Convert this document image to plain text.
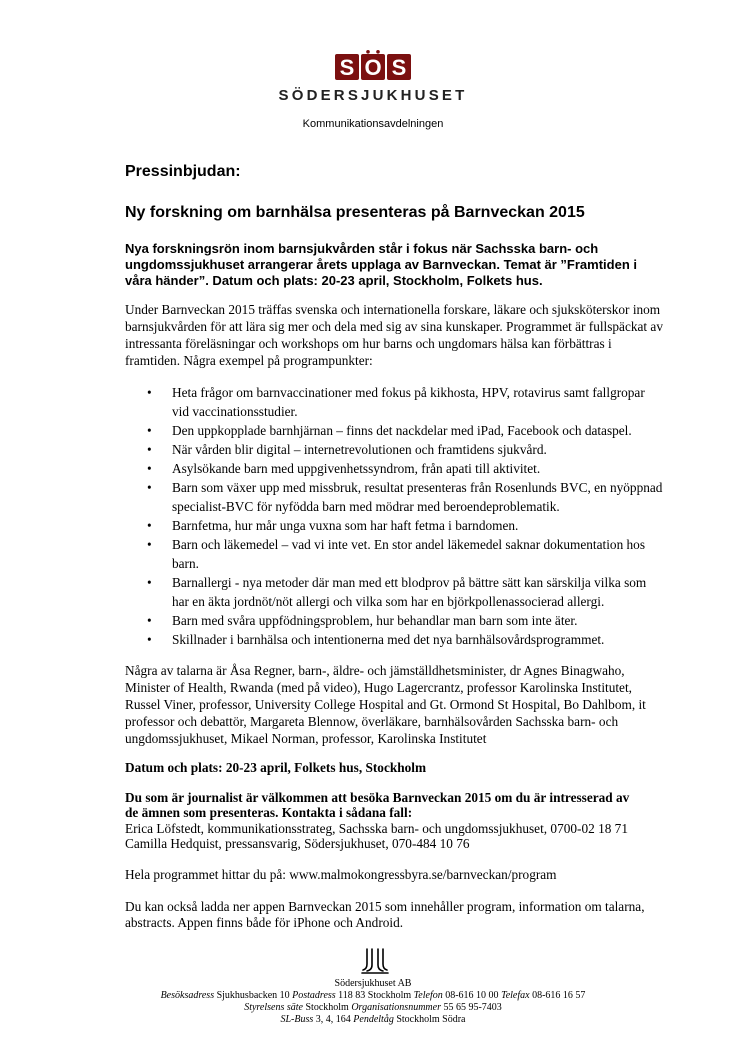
S O S
SÖDERSJUKHUSET
Kommunikationsavdelningen
Pressinbjudan:
Ny forskning om barnhälsa presenteras på Barnveckan 2015

Nya forskningsrön inom barnsjukvården står i fokus när Sachsska barn- och ungdomssjukhuset arrangerar årets upplaga av Barnveckan. Temat är ”Framtiden i våra händer”. Datum och plats: 20-23 april, Stockholm, Folkets hus.

Under Barnveckan 2015 träffas svenska och internationella forskare, läkare och sjuksköterskor inom barnsjukvården för att lära sig mer och dela med sig av sina kunskaper. Programmet är fullspäckat av intressanta föreläsningar och workshops om hur barns och ungdomars hälsa kan förbättras i framtiden. Några exempel på programpunkter:

• Heta frågor om barnvaccinationer med fokus på kikhosta, HPV, rotavirus samt fallgropar vid vaccinationsstudier.
• Den uppkopplade barnhjärnan – finns det nackdelar med iPad, Facebook och dataspel.
• När vården blir digital – internetrevolutionen och framtidens sjukvård.
• Asylsökande barn med uppgivenhetssyndrom, från apati till aktivitet.
• Barn som växer upp med missbruk, resultat presenteras från Rosenlunds BVC, en nyöppnad specialist-BVC för nyfödda barn med mödrar med beroendeproblematik.
• Barnfetma, hur mår unga vuxna som har haft fetma i barndomen.
• Barn och läkemedel – vad vi inte vet. En stor andel läkemedel saknar dokumentation hos barn.
• Barnallergi - nya metoder där man med ett blodprov på bättre sätt kan särskilja vilka som har en äkta jordnöt/nöt allergi och vilka som har en björkpollenassocierad allergi.
• Barn med svåra uppfödningsproblem, hur behandlar man barn som inte äter.
• Skillnader i barnhälsa och intentionerna med det nya barnhälsovårdsprogrammet.

Några av talarna är Åsa Regner, barn-, äldre- och jämställdhetsminister, dr Agnes Binagwaho, Minister of Health, Rwanda (med på video), Hugo Lagercrantz, professor Karolinska Institutet, Russel Viner, professor, University College Hospital and Gt. Ormond St Hospital, Bo Dahlbom, it professor och debattör, Margareta Blennow, överläkare, barnhälsovården Sachsska barn- och ungdomssjukhuset, Mikael Norman, professor, Karolinska Institutet

Datum och plats: 20-23 april, Folkets hus, Stockholm

Du som är journalist är välkommen att besöka Barnveckan 2015 om du är intresserad av de ämnen som presenteras. Kontakta i sådana fall:

Erica Löfstedt, kommunikationsstrateg, Sachsska barn- och ungdomssjukhuset, 0700-02 18 71
Camilla Hedquist, pressansvarig, Södersjukhuset, 070-484 10 76

Hela programmet hittar du på: www.malmokongressbyra.se/barnveckan/program

Du kan också ladda ner appen Barnveckan 2015 som innehåller program, information om talarna, abstracts. Appen finns både för iPhone och Android.

Södersjukhuset AB
Besöksadress Sjukhusbacken 10 Postadress 118 83 Stockholm Telefon 08-616 10 00 Telefax 08-616 16 57
Styrelsens säte Stockholm Organisationsnummer 55 65 95-7403
SL-Buss 3, 4, 164 Pendeltåg Stockholm Södra
